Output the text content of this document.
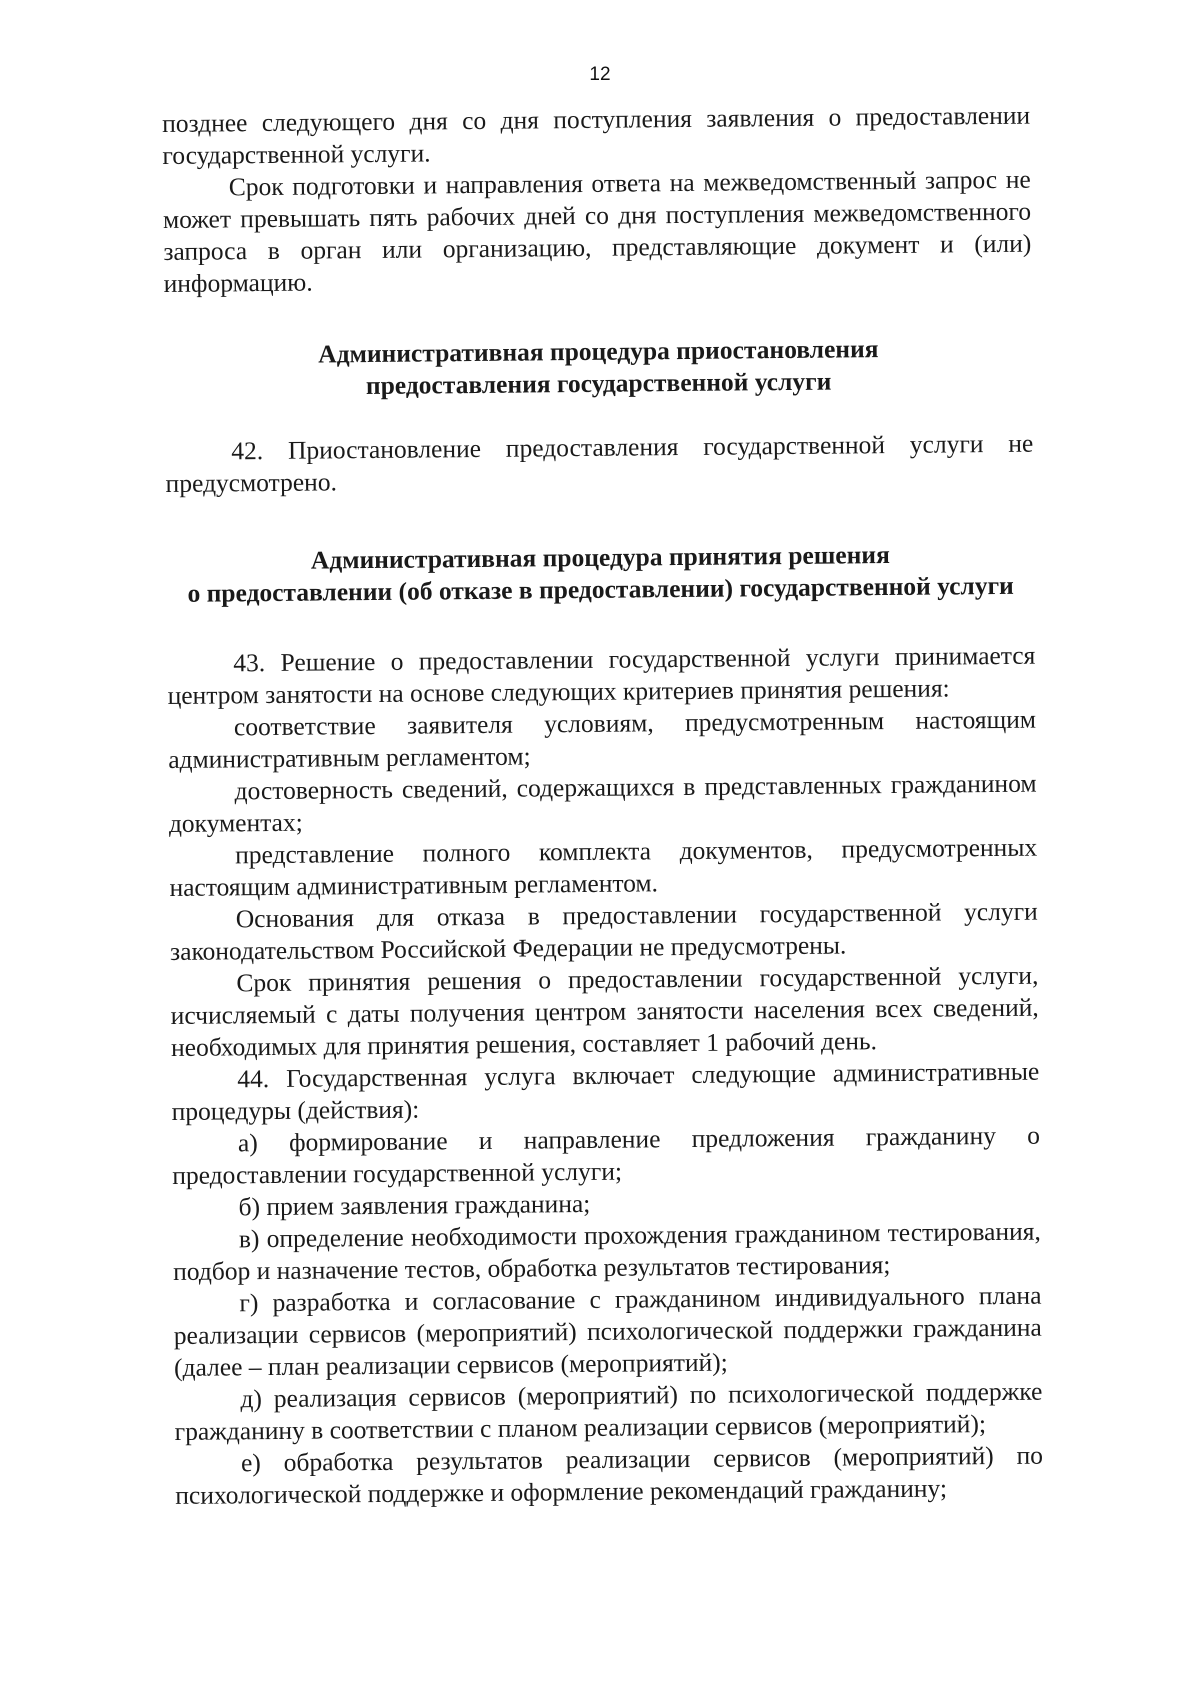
12

позднее следующего дня со дня поступления заявления о предоставлении государственной услуги.

Срок подготовки и направления ответа на межведомственный запрос не может превышать пять рабочих дней со дня поступления межведомственного запроса в орган или организацию, представляющие документ и (или) информацию.

Административная процедура приостановления
предоставления государственной услуги

42. Приостановление предоставления государственной услуги не предусмотрено.

Административная процедура принятия решения
о предоставлении (об отказе в предоставлении) государственной услуги

43. Решение о предоставлении государственной услуги принимается центром занятости на основе следующих критериев принятия решения:

соответствие заявителя условиям, предусмотренным настоящим административным регламентом;

достоверность сведений, содержащихся в представленных гражданином документах;

представление полного комплекта документов, предусмотренных настоящим административным регламентом.

Основания для отказа в предоставлении государственной услуги законодательством Российской Федерации не предусмотрены.

Срок принятия решения о предоставлении государственной услуги, исчисляемый с даты получения центром занятости населения всех сведений, необходимых для принятия решения, составляет 1 рабочий день.

44. Государственная услуга включает следующие административные процедуры (действия):

а) формирование и направление предложения гражданину о предоставлении государственной услуги;

б) прием заявления гражданина;

в) определение необходимости прохождения гражданином тестирования, подбор и назначение тестов, обработка результатов тестирования;

г) разработка и согласование с гражданином индивидуального плана реализации сервисов (мероприятий) психологической поддержки гражданина (далее – план реализации сервисов (мероприятий);

д) реализация сервисов (мероприятий) по психологической поддержке гражданину в соответствии с планом реализации сервисов (мероприятий);

е) обработка результатов реализации сервисов (мероприятий) по психологической поддержке и оформление рекомендаций гражданину;
